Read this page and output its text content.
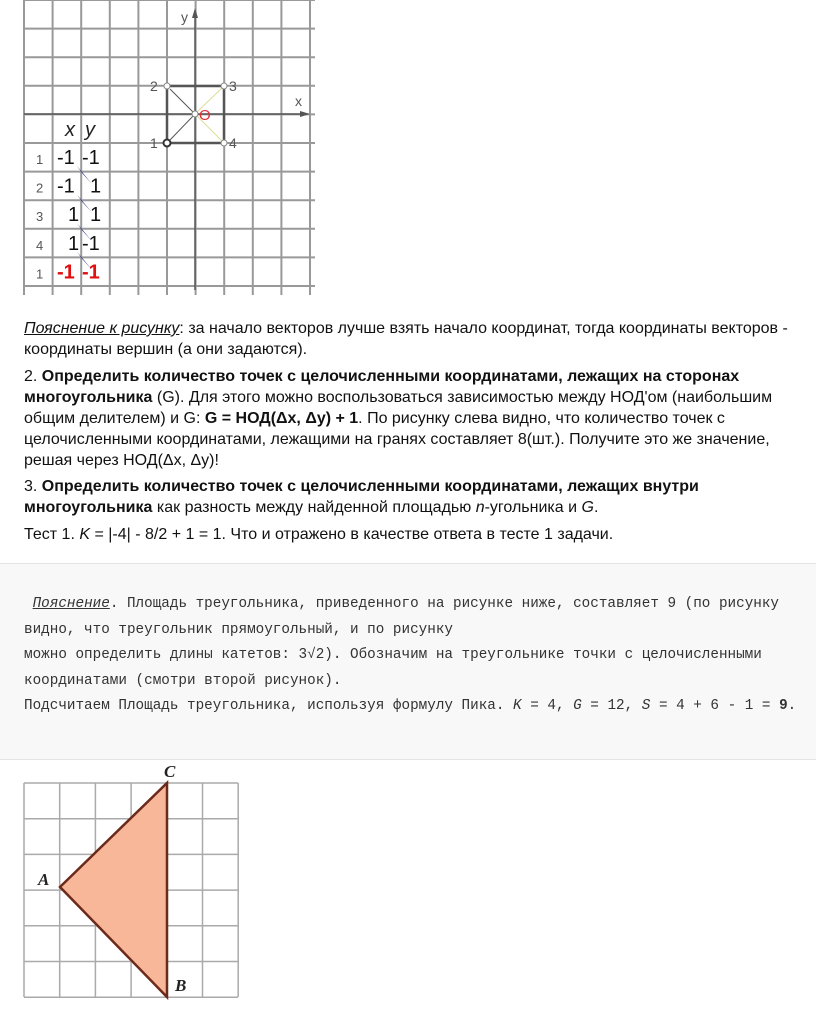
y
x
2	3
1	4
O
x y
1 -1 -1
2 -1 1
3 1 1
4 1 -1
1 -1 -1
Пояснение к рисунку: за начало векторов лучше взять начало координат, тогда координаты векторов - координаты вершин (а они задаются).
2. Определить количество точек с целочисленными координатами, лежащих на сторонах многоугольника (G). Для этого можно воспользоваться зависимостью между НОД'ом (наибольшим общим делителем) и G: G = НОД(Δx, Δy) + 1. По рисунку слева видно, что количество точек с целочисленными координатами, лежащими на гранях составляет 8(шт.). Получите это же значение, решая через НОД(Δx, Δy)!
3. Определить количество точек с целочисленными координатами, лежащих внутри многоугольника как разность между найденной площадью n-угольника и G.
Тест 1. K = |-4| - 8/2 + 1 = 1. Что и отражено в качестве ответа в тесте 1 задачи.
Пояснение. Площадь треугольника, приведенного на рисунке ниже, составляет 9 (по рисунку видно, что треугольник прямоугольный, и по рисунку
можно определить длины катетов: 3√2). Обозначим на треугольнике точки с целочисленными координатами (смотри второй рисунок).
Подсчитаем Площадь треугольника, используя формулу Пика. K = 4, G = 12, S = 4 + 6 - 1 = 9.
A
B
C
